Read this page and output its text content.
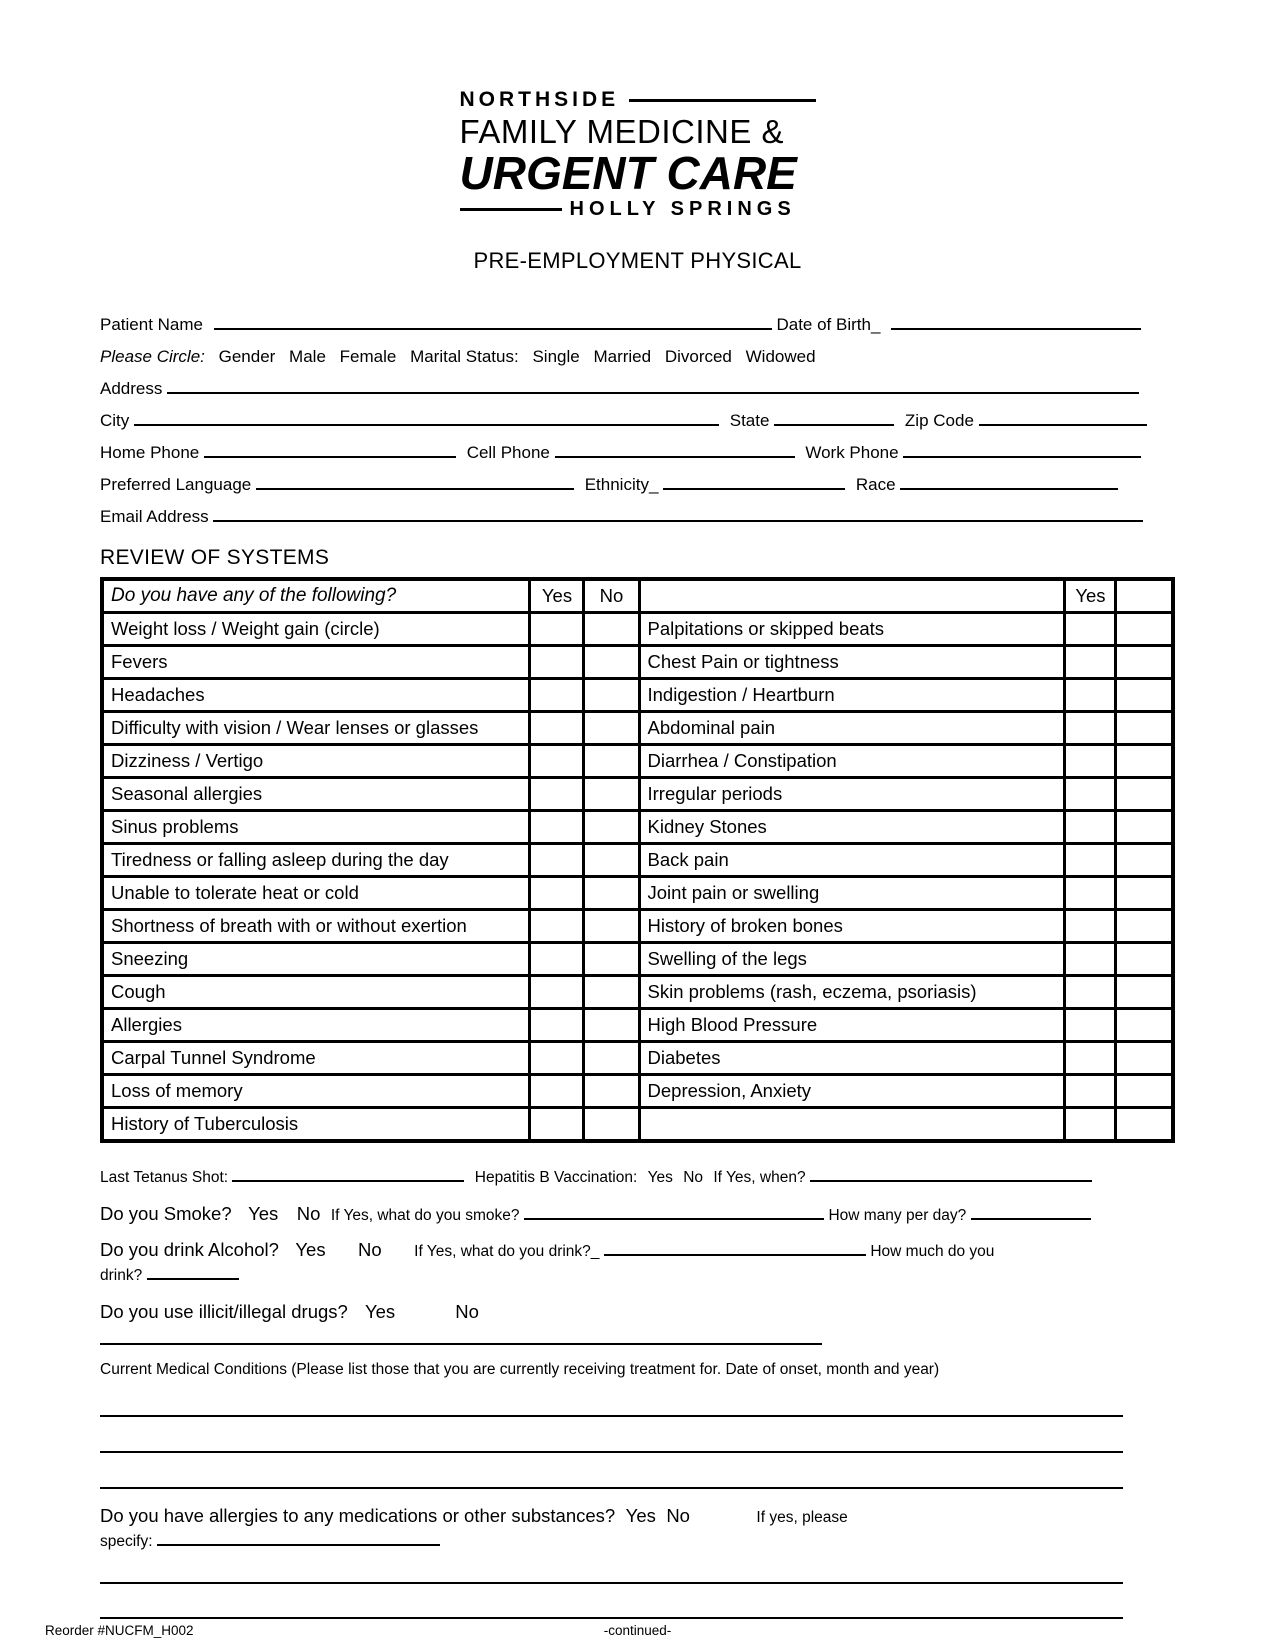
NORTHSIDE
FAMILY MEDICINE &
URGENT CARE
HOLLY SPRINGS
PRE-EMPLOYMENT PHYSICAL
Patient Name	Date of Birth_
Please Circle: Gender Male Female Marital Status: Single Married Divorced Widowed
Address
City	State	Zip Code
Home Phone	Cell Phone	Work Phone
Preferred Language	Ethnicity_	Race
Email Address
REVIEW OF SYSTEMS
Do you have any of the following?	Yes	No		Yes	
Weight loss / Weight gain (circle)			Palpitations or skipped beats		
Fevers			Chest Pain or tightness		
Headaches			Indigestion / Heartburn		
Difficulty with vision / Wear lenses or glasses			Abdominal pain		
Dizziness / Vertigo			Diarrhea / Constipation		
Seasonal allergies			Irregular periods		
Sinus problems			Kidney Stones		
Tiredness or falling asleep during the day			Back pain		
Unable to tolerate heat or cold			Joint pain or swelling		
Shortness of breath with or without exertion			History of broken bones		
Sneezing			Swelling of the legs		
Cough			Skin problems (rash, eczema, psoriasis)		
Allergies			High Blood Pressure		
Carpal Tunnel Syndrome			Diabetes		
Loss of memory			Depression, Anxiety		
History of Tuberculosis					
Last Tetanus Shot:	Hepatitis B Vaccination: Yes No If Yes, when?
Do you Smoke? Yes No If Yes, what do you smoke?	How many per day?
Do you drink Alcohol? Yes No If Yes, what do you drink?_	How much do you
drink?
Do you use illicit/illegal drugs? Yes	No
Current Medical Conditions (Please list those that you are currently receiving treatment for. Date of onset, month and year)
Do you have allergies to any medications or other substances? Yes No	If yes, please
specify:
Reorder #NUCFM_H002	-continued-
